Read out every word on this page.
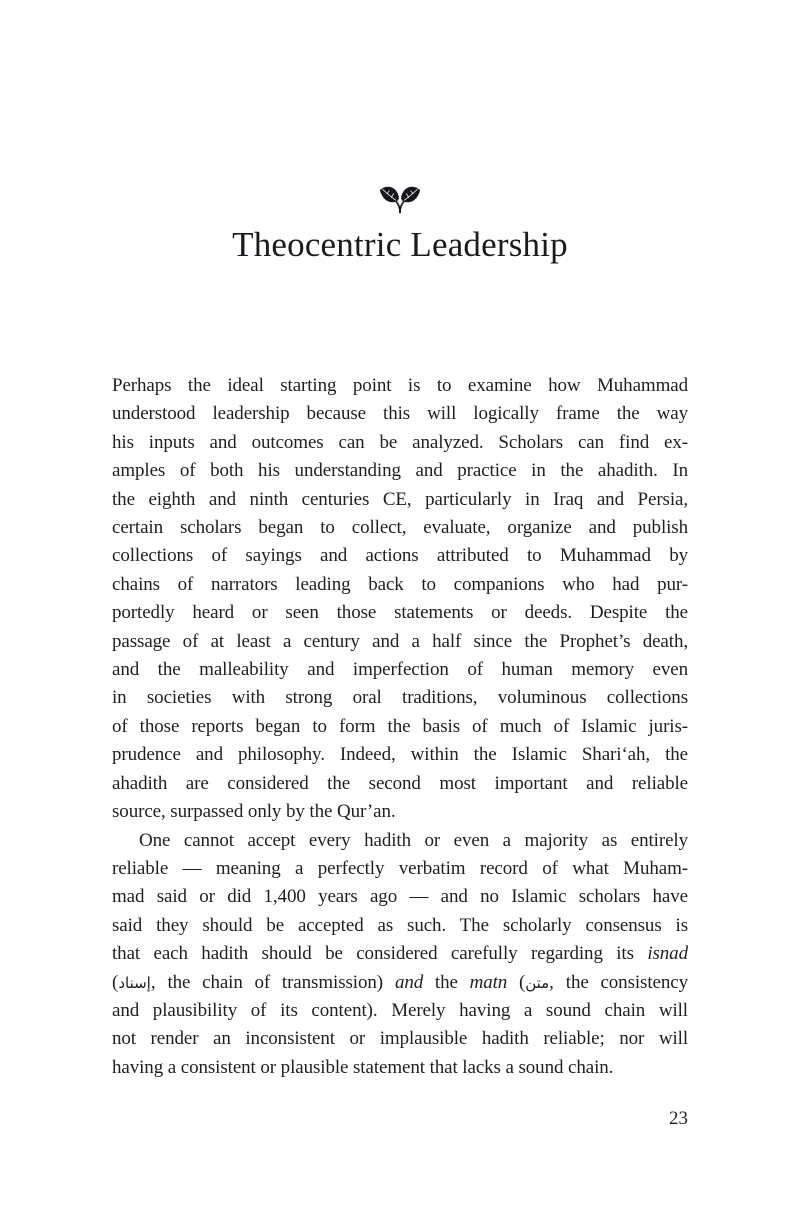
Theocentric Leadership
Perhaps the ideal starting point is to examine how Muhammad
understood leadership because this will logically frame the way
his inputs and outcomes can be analyzed. Scholars can find ex-
amples of both his understanding and practice in the ahadith. In
the eighth and ninth centuries CE, particularly in Iraq and Persia,
certain scholars began to collect, evaluate, organize and publish
collections of sayings and actions attributed to Muhammad by
chains of narrators leading back to companions who had pur-
portedly heard or seen those statements or deeds. Despite the
passage of at least a century and a half since the Prophet’s death,
and the malleability and imperfection of human memory even
in societies with strong oral traditions, voluminous collections
of those reports began to form the basis of much of Islamic juris-
prudence and philosophy. Indeed, within the Islamic Shari‘ah, the
ahadith are considered the second most important and reliable
source, surpassed only by the Qur’an.
One cannot accept every hadith or even a majority as entirely
reliable — meaning a perfectly verbatim record of what Muham-
mad said or did 1,400 years ago — and no Islamic scholars have
said they should be accepted as such. The scholarly consensus is
that each hadith should be considered carefully regarding its isnad
(إسناد, the chain of transmission) and the matn (متن, the consistency
and plausibility of its content). Merely having a sound chain will
not render an inconsistent or implausible hadith reliable; nor will
having a consistent or plausible statement that lacks a sound chain.
23
